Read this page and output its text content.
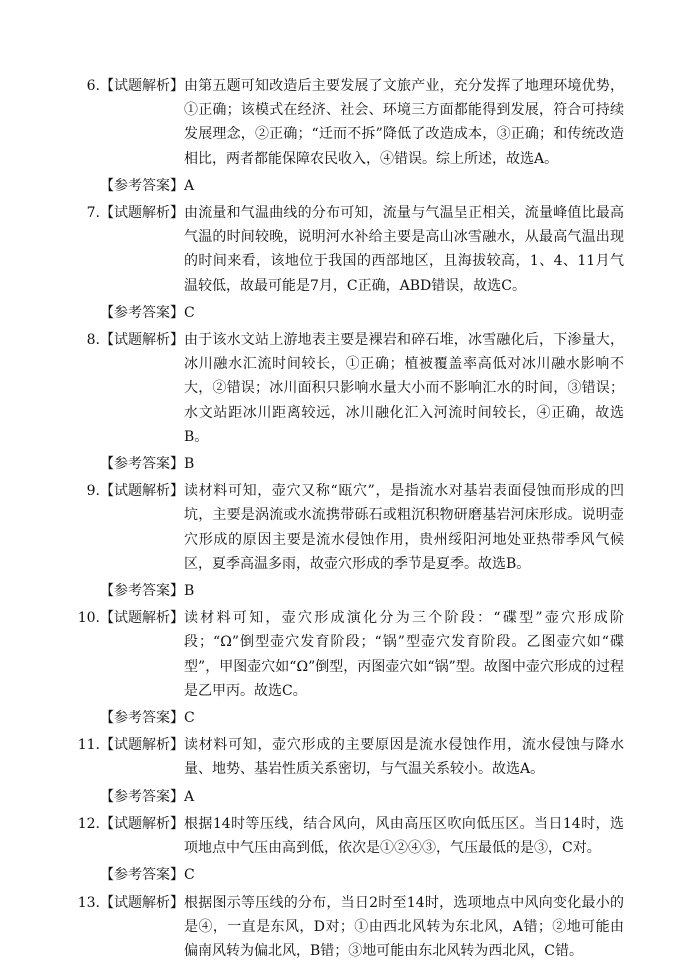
6. 【试题解析】 由第五题可知改造后主要发展了文旅产业，充分发挥了地理环境优势，①正确；该模式在经济、社会、环境三方面都能得到发展，符合可持续发展理念，②正确；“迁而不拆”降低了改造成本，③正确；和传统改造相比，两者都能保障农民收入，④错误。综上所述，故选A。
【参考答案】 A
7. 【试题解析】 由流量和气温曲线的分布可知，流量与气温呈正相关，流量峰值比最高气温的时间较晚，说明河水补给主要是高山冰雪融水，从最高气温出现的时间来看，该地位于我国的西部地区，且海拔较高，1、4、11月气温较低，故最可能是7月，C正确，ABD错误，故选C。
【参考答案】 C
8. 【试题解析】 由于该水文站上游地表主要是裸岩和碎石堆，冰雪融化后，下渗量大，冰川融水汇流时间较长，①正确；植被覆盖率高低对冰川融水影响不大，②错误；冰川面积只影响水量大小而不影响汇水的时间，③错误；水文站距冰川距离较远，冰川融化汇入河流时间较长，④正确，故选B。
【参考答案】 B
9. 【试题解析】 读材料可知，壶穴又称“瓯穴”，是指流水对基岩表面侵蚀而形成的凹坑，主要是涡流或水流携带砾石或粗沉积物研磨基岩河床形成。说明壶穴形成的原因主要是流水侵蚀作用，贵州绥阳河地处亚热带季风气候区，夏季高温多雨，故壶穴形成的季节是夏季。故选B。
【参考答案】 B
10. 【试题解析】 读材料可知，壶穴形成演化分为三个阶段：“碟型”壶穴形成阶段；“Ω”倒型壶穴发育阶段；“锅”型壶穴发育阶段。乙图壶穴如“碟型”，甲图壶穴如“Ω”倒型，丙图壶穴如“锅”型。故图中壶穴形成的过程是乙甲丙。故选C。
【参考答案】 C
11. 【试题解析】 读材料可知，壶穴形成的主要原因是流水侵蚀作用，流水侵蚀与降水量、地势、基岩性质关系密切，与气温关系较小。故选A。
【参考答案】 A
12. 【试题解析】 根据14时等压线，结合风向，风由高压区吹向低压区。当日14时，选项地点中气压由高到低，依次是①②④③，气压最低的是③，C对。
【参考答案】 C
13. 【试题解析】 根据图示等压线的分布，当日2时至14时，选项地点中风向变化最小的是④，一直是东风，D对；①由西北风转为东北风，A错；②地可能由偏南风转为偏北风，B错；③地可能由东北风转为西北风，C错。
